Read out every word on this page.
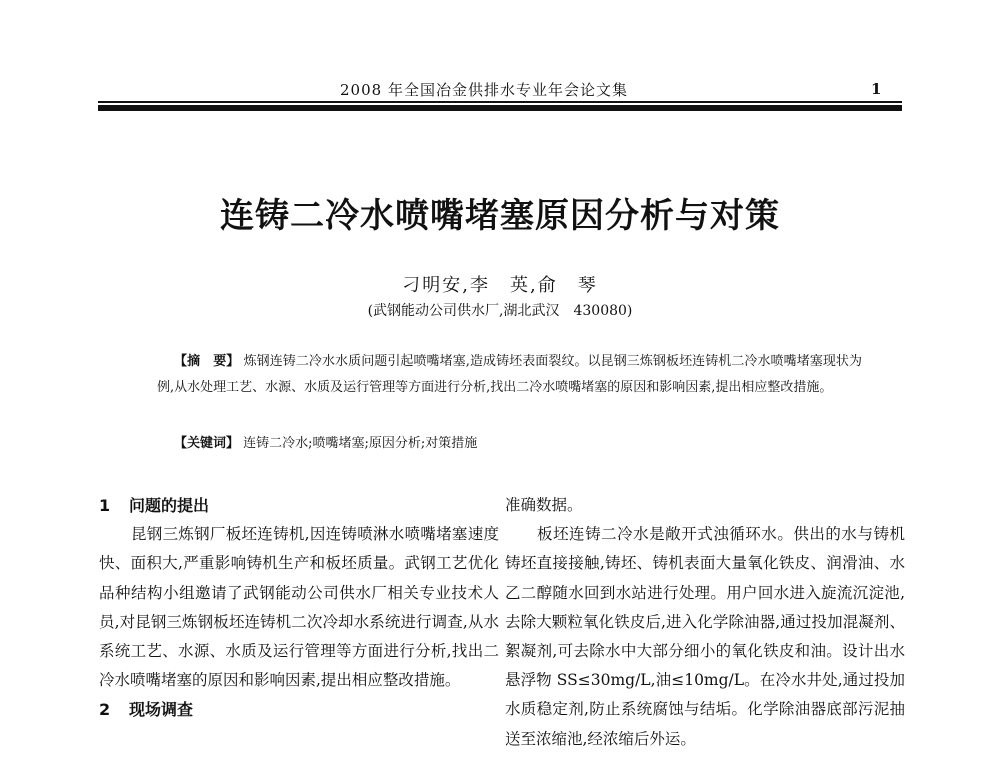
2008 年全国冶金供排水专业年会论文集	1
连铸二冷水喷嘴堵塞原因分析与对策
刁明安,李　英,俞　琴
(武钢能动公司供水厂,湖北武汉　430080)
【摘　要】 炼钢连铸二冷水水质问题引起喷嘴堵塞,造成铸坯表面裂纹。以昆钢三炼钢板坯连铸机二冷水喷嘴堵塞现状为例,从水处理工艺、水源、水质及运行管理等方面进行分析,找出二冷水喷嘴堵塞的原因和影响因素,提出相应整改措施。
【关键词】 连铸二冷水;喷嘴堵塞;原因分析;对策措施
1 问题的提出

昆钢三炼钢厂板坯连铸机,因连铸喷淋水喷嘴堵塞速度快、面积大,严重影响铸机生产和板坯质量。武钢工艺优化品种结构小组邀请了武钢能动公司供水厂相关专业技术人员,对昆钢三炼钢板坯连铸机二次冷却水系统进行调查,从水系统工艺、水源、水质及运行管理等方面进行分析,找出二冷水喷嘴堵塞的原因和影响因素,提出相应整改措施。

2 现场调查

准确数据。

板坯连铸二冷水是敞开式浊循环水。供出的水与铸机铸坯直接接触,铸坯、铸机表面大量氧化铁皮、润滑油、水乙二醇随水回到水站进行处理。用户回水进入旋流沉淀池,去除大颗粒氧化铁皮后,进入化学除油器,通过投加混凝剂、絮凝剂,可去除水中大部分细小的氧化铁皮和油。设计出水悬浮物 SS≤30mg/L,油≤10mg/L。在冷水井处,通过投加水质稳定剂,防止系统腐蚀与结垢。化学除油器底部污泥抽送至浓缩池,经浓缩后外运。
